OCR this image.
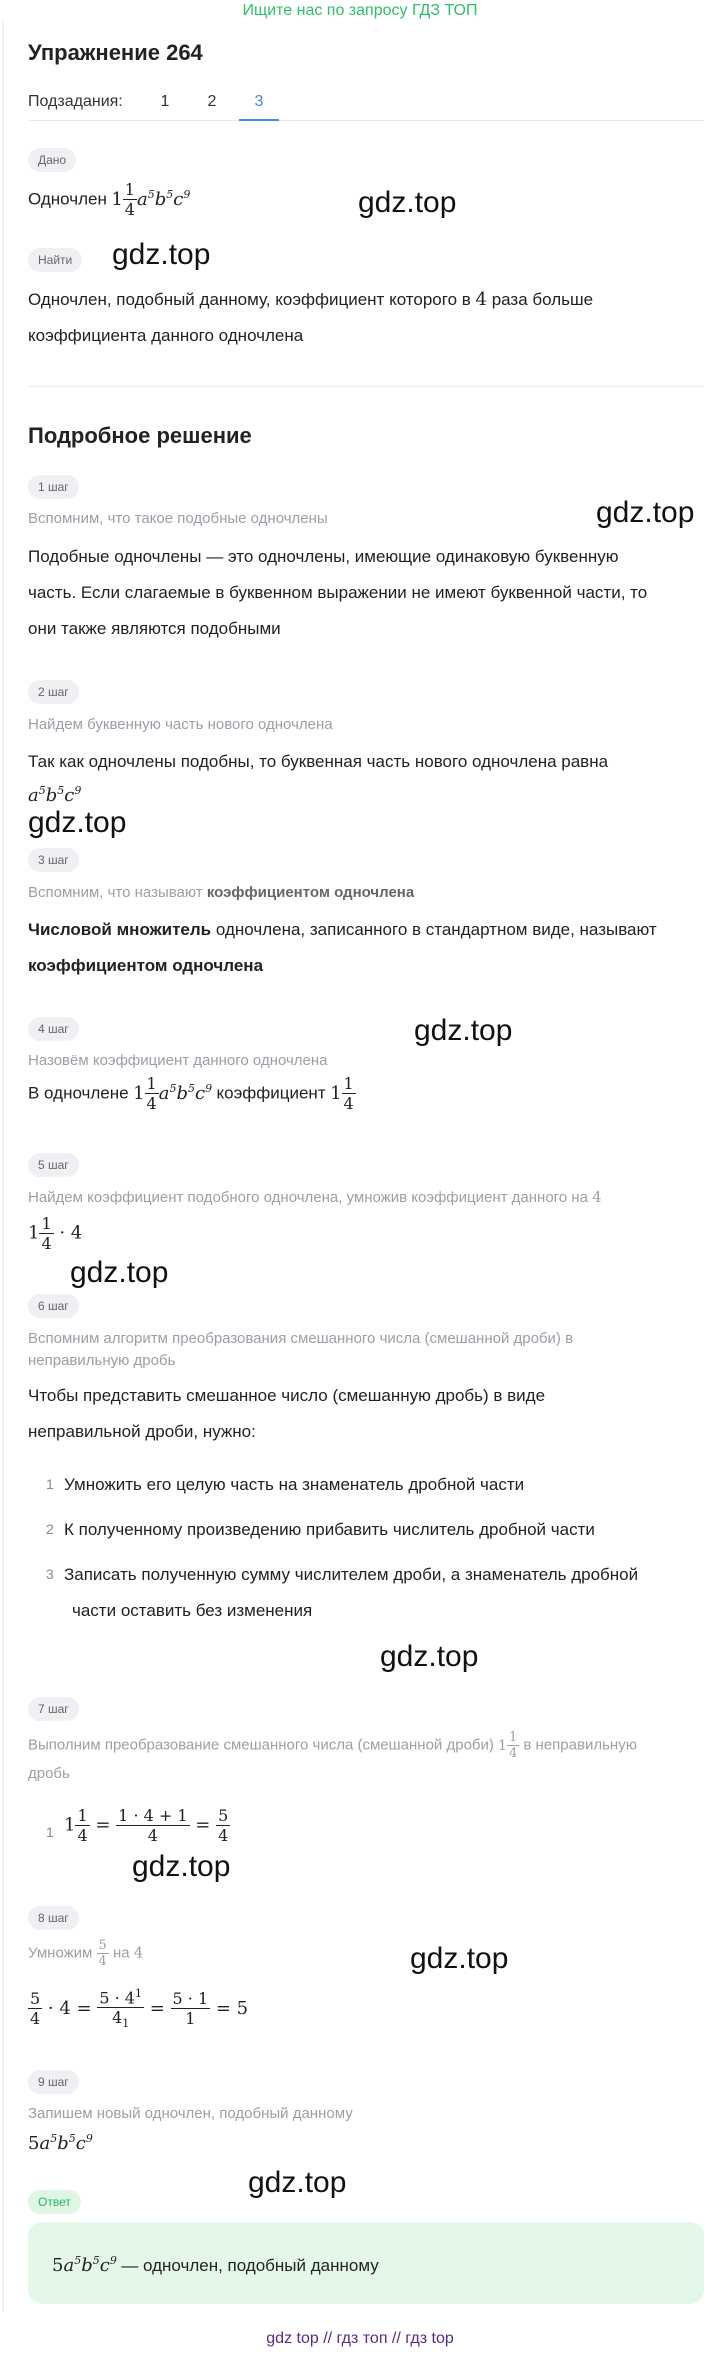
Ищите нас по запросу ГДЗ ТОП
Упражнение 264
Подзадания:	1	2	3
Дано
Одночлен $1 \frac{1}{4} a^5b^5c^9$	gdz.top
Найти	gdz.top
Одночлен, подобный данному, коэффициент которого в 4 раза больше
коэффициента данного одночлена
Подробное решение
1 шаг
Вспомним, что такое подобные одночлены	gdz.top
Подобные одночлены — это одночлены, имеющие одинаковую буквенную
часть. Если слагаемые в буквенном выражении не имеют буквенной части, то
они также являются подобными
2 шаг
Найдем буквенную часть нового одночлена
Так как одночлены подобны, то буквенная часть нового одночлена равна
$a^5b^5c^9$
gdz.top
3 шаг
Вспомним, что называют коэффициентом одночлена
Числовой множитель одночлена, записанного в стандартном виде, называют
коэффициентом одночлена
4 шаг	gdz.top
Назовём коэффициент данного одночлена
В одночлене $1 \frac{1}{4} a^5b^5c^9$ коэффициент $1 \frac{1}{4}$
5 шаг
Найдем коэффициент подобного одночлена, умножив коэффициент данного на 4
$1 \frac{1}{4} \cdot 4$
gdz.top
6 шаг
Вспомним алгоритм преобразования смешанного числа (смешанной дроби) в
неправильную дробь
Чтобы представить смешанное число (смешанную дробь) в виде
неправильной дроби, нужно:
1 Умножить его целую часть на знаменатель дробной части
2 К полученному произведению прибавить числитель дробной части
3 Записать полученную сумму числителем дроби, а знаменатель дробной
части оставить без изменения
gdz.top
7 шаг
Выполним преобразование смешанного числа (смешанной дроби) $1 \frac{1}{4}$ в неправильную
дробь
1 $1 \frac{1}{4} = \frac{1 \cdot 4 + 1}{4} = \frac{5}{4}$
gdz.top
8 шаг
gdz.top
Умножим $\frac{5}{4}$ на 4
$\frac{5}{4} \cdot 4 = \frac{5 \cdot 4^1}{4_1} = \frac{5 \cdot 1}{1} = 5$
9 шаг
Запишем новый одночлен, подобный данному
$5a^5b^5c^9$
gdz.top
Ответ
$5a^5b^5c^9$ — одночлен, подобный данному
gdz top // гдз топ // гдз top
